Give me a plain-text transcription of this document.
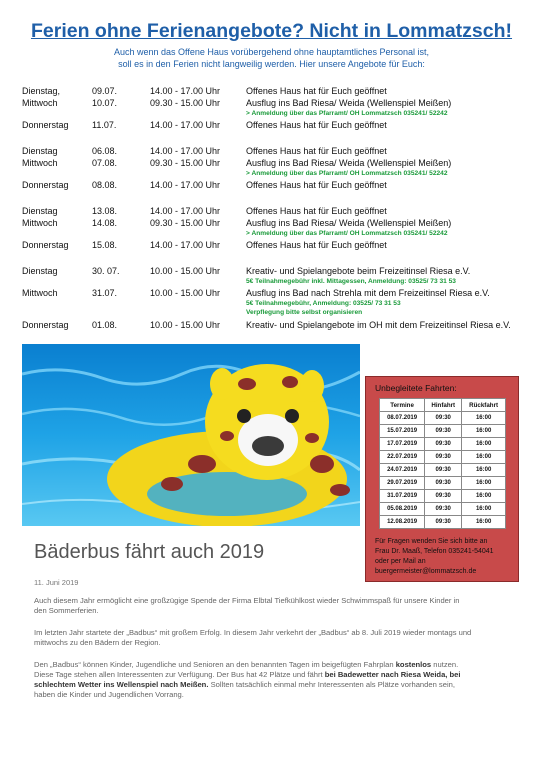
Ferien ohne Ferienangebote? Nicht in Lommatzsch!
Auch wenn das Offene Haus vorübergehend ohne hauptamtliches Personal ist,
soll es in den Ferien nicht langweilig werden. Hier unsere Angebote für Euch:
Dienstag,	09.07.	14.00 - 17.00 Uhr	Offenes Haus hat für Euch geöffnet
Mittwoch	10.07.	09.30 - 15.00 Uhr	Ausflug ins Bad Riesa/ Weida (Wellenspiel Meißen)
> Anmeldung über das Pfarramt/ OH Lommatzsch 035241/ 52242
Donnerstag	11.07.	14.00 - 17.00 Uhr	Offenes Haus hat für Euch geöffnet
Dienstag	06.08.	14.00 - 17.00 Uhr	Offenes Haus hat für Euch geöffnet
Mittwoch	07.08.	09.30 - 15.00 Uhr	Ausflug ins Bad Riesa/ Weida (Wellenspiel Meißen)
> Anmeldung über das Pfarramt/ OH Lommatzsch 035241/ 52242
Donnerstag	08.08.	14.00 - 17.00 Uhr	Offenes Haus hat für Euch geöffnet
Dienstag	13.08.	14.00 - 17.00 Uhr	Offenes Haus hat für Euch geöffnet
Mittwoch	14.08.	09.30 - 15.00 Uhr	Ausflug ins Bad Riesa/ Weida (Wellenspiel Meißen)
> Anmeldung über das Pfarramt/ OH Lommatzsch 035241/ 52242
Donnerstag	15.08.	14.00 - 17.00 Uhr	Offenes Haus hat für Euch geöffnet
Dienstag	30. 07.	10.00 - 15.00 Uhr	Kreativ- und Spielangebote beim Freizeitinsel Riesa e.V.
5€ Teilnahmegebühr inkl. Mittagessen, Anmeldung: 03525/ 73 31 53
Mittwoch	31.07.	10.00 - 15.00 Uhr	Ausflug ins Bad nach Strehla mit dem Freizeitinsel Riesa e.V.
5€ Teilnahmegebühr, Anmeldung: 03525/ 73 31 53
Verpflegung bitte selbst organisieren
Donnerstag	01.08.	10.00 - 15.00 Uhr	Kreativ- und Spielangebote im OH mit dem Freizeitinsel Riesa e.V.
Unbegleitete Fahrten:
Termine	Hinfahrt	Rückfahrt
08.07.2019	09:30	16:00
15.07.2019	09:30	16:00
17.07.2019	09:30	16:00
22.07.2019	09:30	16:00
24.07.2019	09:30	16:00
29.07.2019	09:30	16:00
31.07.2019	09:30	16:00
05.08.2019	09:30	16:00
12.08.2019	09:30	16:00
Für Fragen wenden Sie sich bitte an
Frau Dr. Maaß, Telefon 035241-54041
oder per Mail an
buergermeister@lommatzsch.de
Bäderbus fährt auch 2019
11. Juni 2019
Auch diesem Jahr ermöglicht eine großzügige Spende der Firma Elbtal Tiefkühlkost wieder Schwimmspaß für unsere Kinder in den Sommerferien.
Im letzten Jahr startete der „Badbus“ mit großem Erfolg. In diesem Jahr verkehrt der „Badbus“ ab 8. Juli 2019 wieder montags und mittwochs zu den Bädern der Region.
Den „Badbus“ können Kinder, Jugendliche und Senioren an den benannten Tagen im beigefügten Fahrplan kostenlos nutzen. Diese Tage stehen allen Interessenten zur Verfügung. Der Bus hat 42 Plätze und fährt bei Badewetter nach Riesa Weida, bei schlechtem Wetter ins Wellenspiel nach Meißen. Sollten tatsächlich einmal mehr Interessenten als Plätze vorhanden sein, haben die Kinder und Jugendlichen Vorrang.
